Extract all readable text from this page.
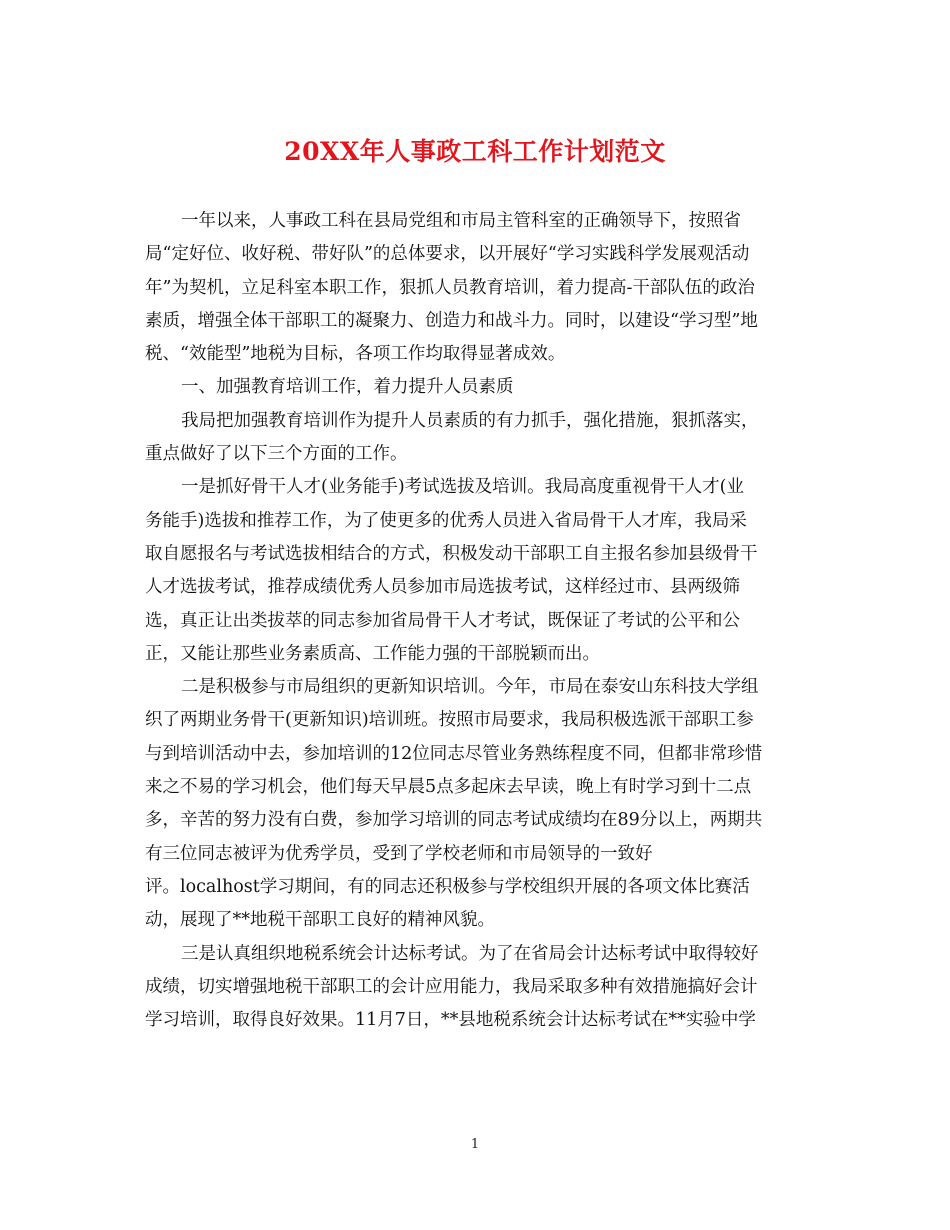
20XX年人事政工科工作计划范文
一年以来，人事政工科在县局党组和市局主管科室的正确领导下，按照省
局“定好位、收好税、带好队”的总体要求，以开展好“学习实践科学发展观活动
年”为契机，立足科室本职工作，狠抓人员教育培训，着力提高-干部队伍的政治
素质，增强全体干部职工的凝聚力、创造力和战斗力。同时，以建设“学习型”地
税、“效能型”地税为目标，各项工作均取得显著成效。
一、加强教育培训工作，着力提升人员素质
我局把加强教育培训作为提升人员素质的有力抓手，强化措施，狠抓落实，
重点做好了以下三个方面的工作。
一是抓好骨干人才(业务能手)考试选拔及培训。我局高度重视骨干人才(业
务能手)选拔和推荐工作，为了使更多的优秀人员进入省局骨干人才库，我局采
取自愿报名与考试选拔相结合的方式，积极发动干部职工自主报名参加县级骨干
人才选拔考试，推荐成绩优秀人员参加市局选拔考试，这样经过市、县两级筛
选，真正让出类拔萃的同志参加省局骨干人才考试，既保证了考试的公平和公
正，又能让那些业务素质高、工作能力强的干部脱颖而出。
二是积极参与市局组织的更新知识培训。今年，市局在泰安山东科技大学组
织了两期业务骨干(更新知识)培训班。按照市局要求，我局积极选派干部职工参
与到培训活动中去，参加培训的12位同志尽管业务熟练程度不同，但都非常珍惜
来之不易的学习机会，他们每天早晨5点多起床去早读，晚上有时学习到十二点
多，辛苦的努力没有白费，参加学习培训的同志考试成绩均在89分以上，两期共
有三位同志被评为优秀学员，受到了学校老师和市局领导的一致好
评。localhost学习期间，有的同志还积极参与学校组织开展的各项文体比赛活
动，展现了**地税干部职工良好的精神风貌。
三是认真组织地税系统会计达标考试。为了在省局会计达标考试中取得较好
成绩，切实增强地税干部职工的会计应用能力，我局采取多种有效措施搞好会计
学习培训，取得良好效果。11月7日，**县地税系统会计达标考试在**实验中学
1
